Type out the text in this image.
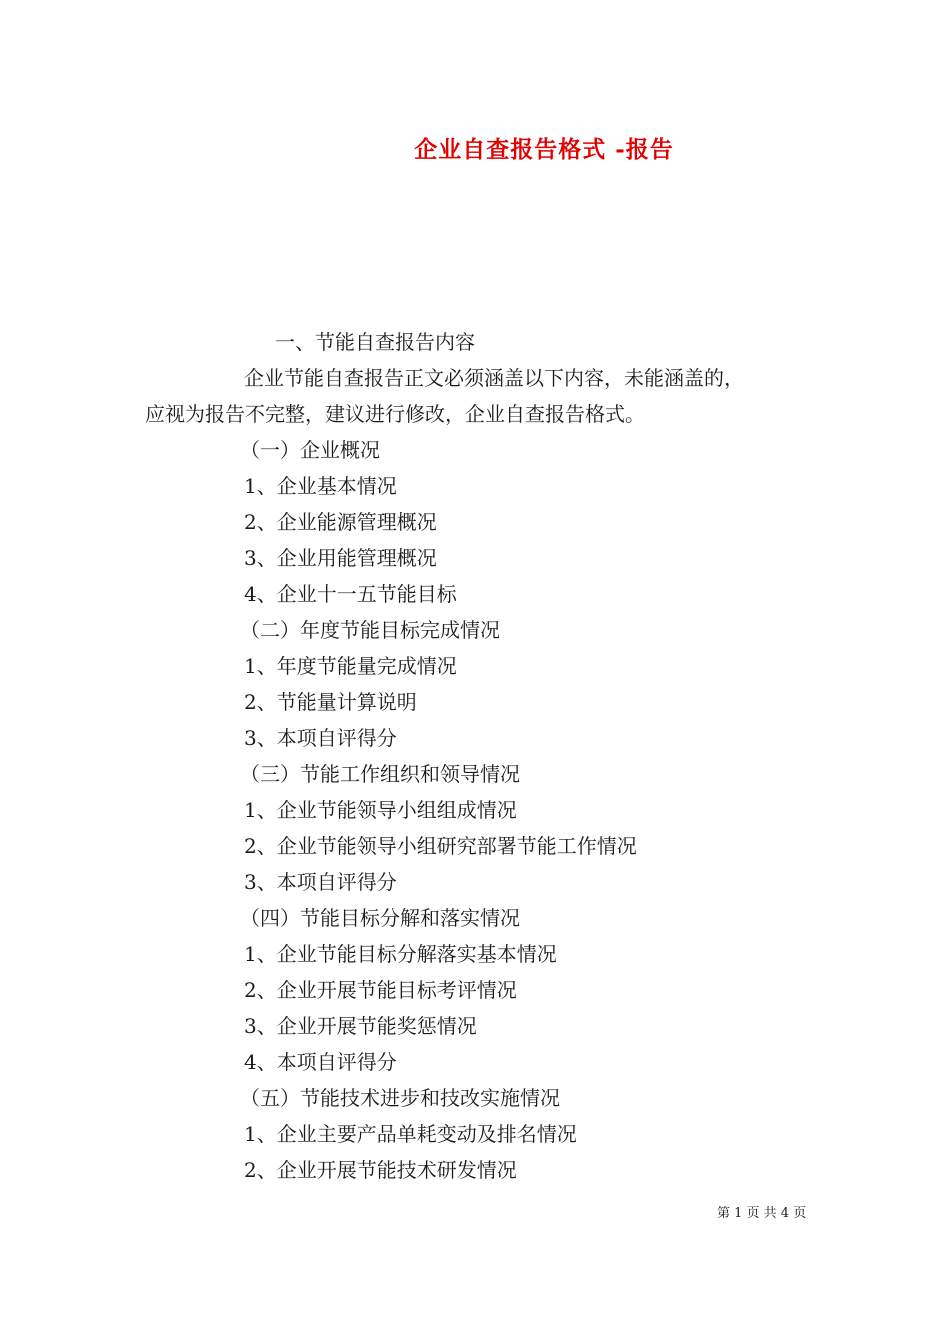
企业自查报告格式 -报告
一、节能自查报告内容
企业节能自查报告正文必须涵盖以下内容，未能涵盖的，
应视为报告不完整，建议进行修改，企业自查报告格式。
（一）企业概况
1、企业基本情况
2、企业能源管理概况
3、企业用能管理概况
4、企业十一五节能目标
（二）年度节能目标完成情况
1、年度节能量完成情况
2、节能量计算说明
3、本项自评得分
（三）节能工作组织和领导情况
1、企业节能领导小组组成情况
2、企业节能领导小组研究部署节能工作情况
3、本项自评得分
（四）节能目标分解和落实情况
1、企业节能目标分解落实基本情况
2、企业开展节能目标考评情况
3、企业开展节能奖惩情况
4、本项自评得分
（五）节能技术进步和技改实施情况
1、企业主要产品单耗变动及排名情况
2、企业开展节能技术研发情况
第 1 页 共 4 页
